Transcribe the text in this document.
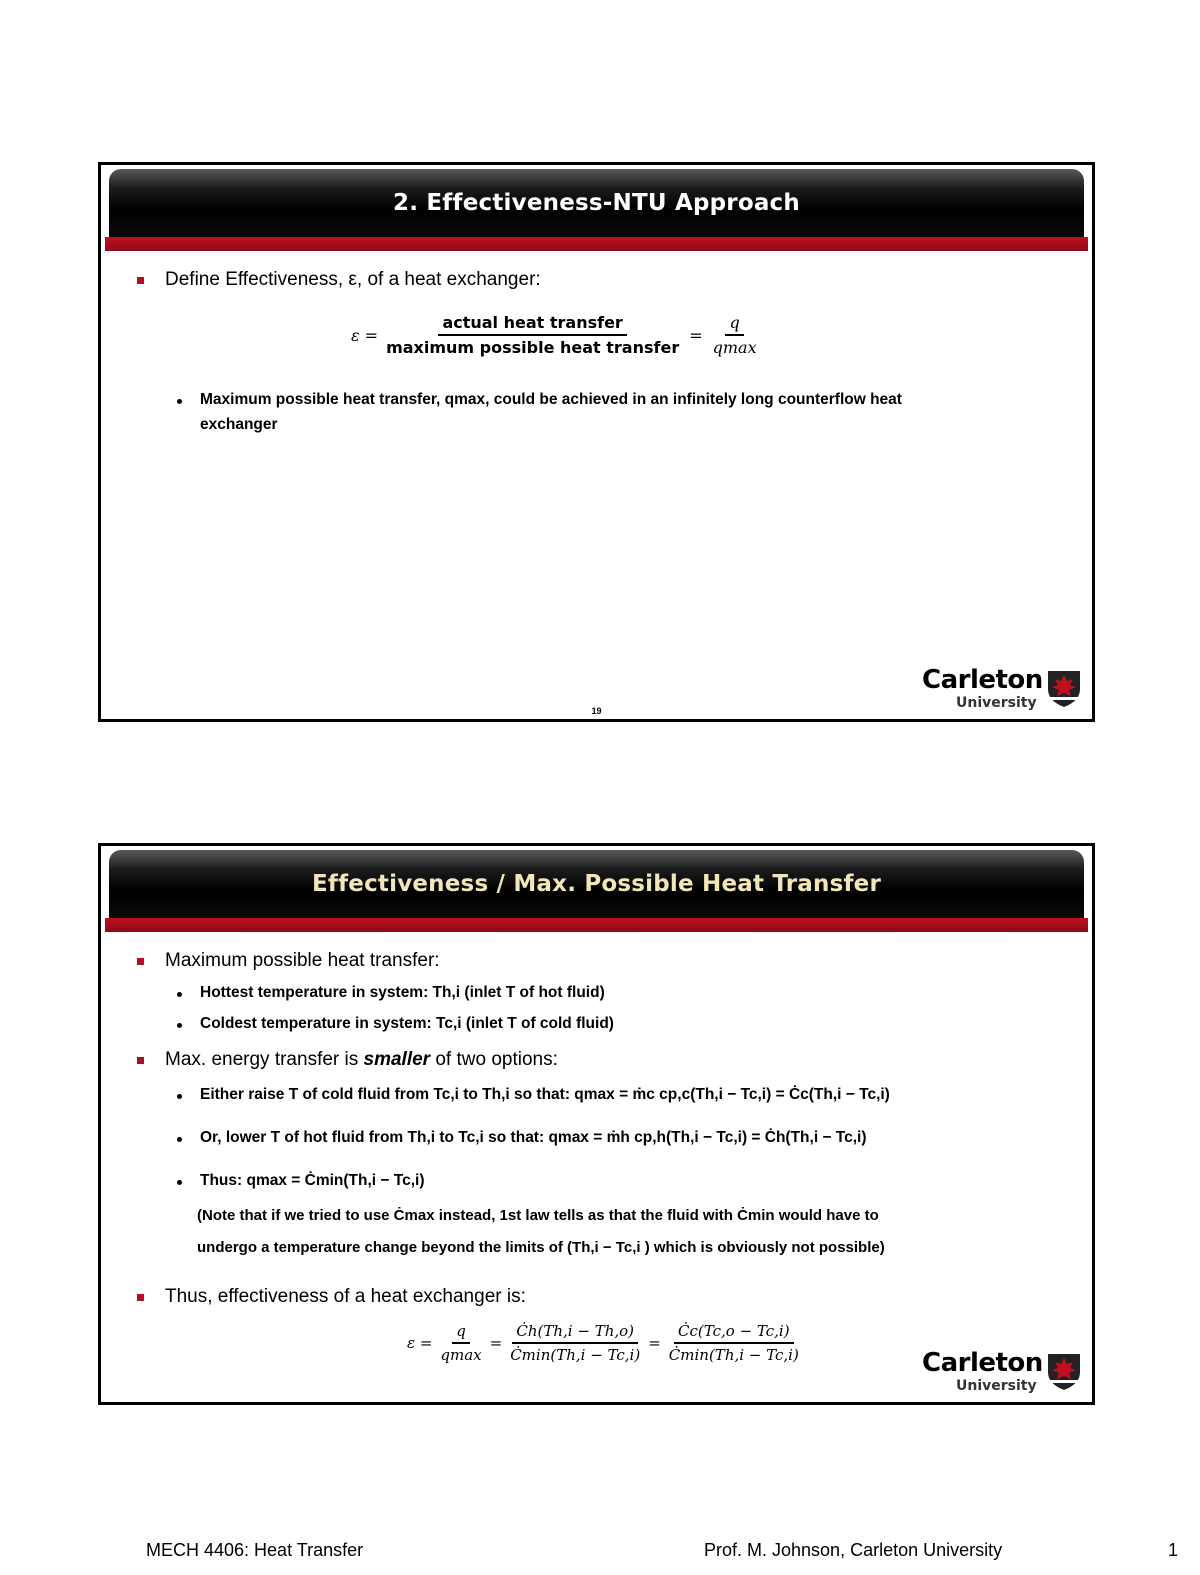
2. Effectiveness-NTU Approach
Define Effectiveness, ε, of a heat exchanger:
$\varepsilon = \frac{\text{actual heat transfer}}{\text{maximum possible heat transfer}} = \frac{q}{qmax}$
Maximum possible heat transfer, qmax, could be achieved in an infinitely long counterflow heat
exchanger
Carleton
University
19
Effectiveness / Max. Possible Heat Transfer
Maximum possible heat transfer:
Hottest temperature in system: Th,i (inlet T of hot fluid)
Coldest temperature in system: Tc,i (inlet T of cold fluid)
Max. energy transfer is smaller of two options:
Either raise T of cold fluid from Tc,i to Th,i so that: qmax = ṁc cp,c(Th,i − Tc,i) = Ċc(Th,i − Tc,i)
Or, lower T of hot fluid from Th,i to Tc,i so that: qmax = ṁh cp,h(Th,i − Tc,i) = Ċh(Th,i − Tc,i)
Thus: qmax = Ċmin(Th,i − Tc,i)
(Note that if we tried to use Ċmax instead, 1st law tells as that the fluid with Ċmin would have to
undergo a temperature change beyond the limits of (Th,i − Tc,i ) which is obviously not possible)
Thus, effectiveness of a heat exchanger is:
$\varepsilon = \frac{q}{qmax} = \frac{Ċh(Th,i - Th,o)}{Ċ\min(Th,i - Tc,i)} = \frac{Ċc(Tc,o - Tc,i)}{Ċ\min(Th,i - Tc,i)}$	Carleton
University
MECH 4406: Heat Transfer	Prof. M. Johnson, Carleton University	1
